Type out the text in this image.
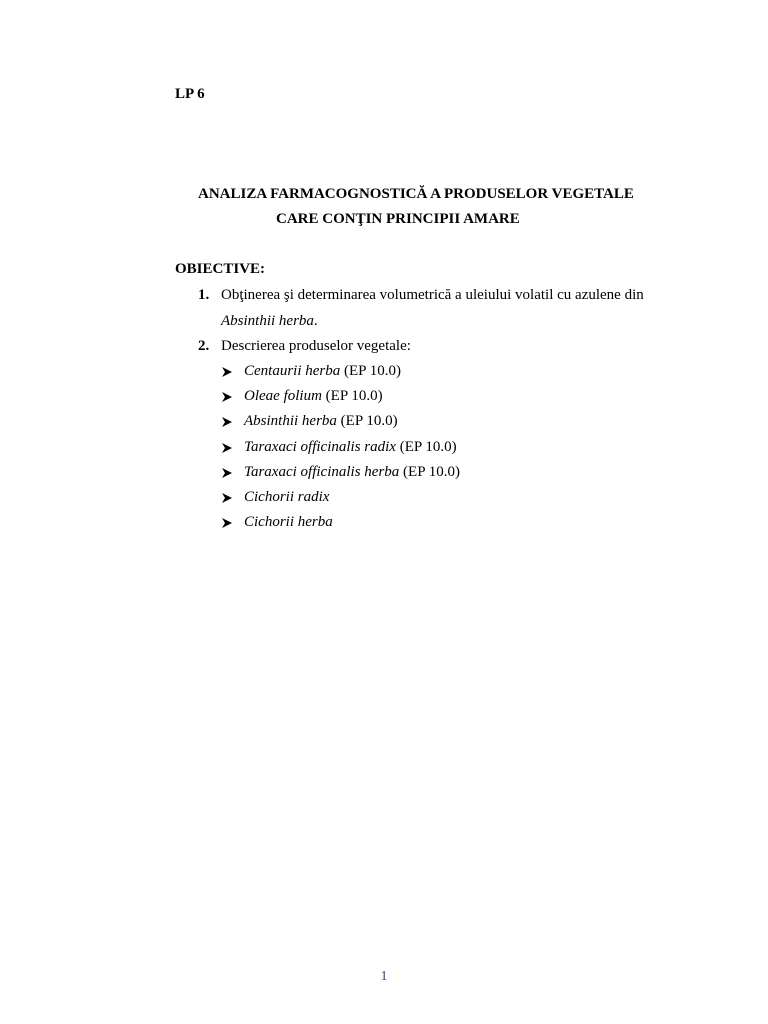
LP 6
ANALIZA FARMACOGNOSTICĂ A PRODUSELOR VEGETALE
CARE CONŢIN PRINCIPII AMARE
OBIECTIVE:
1. Obţinerea şi determinarea volumetrică a uleiului volatil cu azulene din
Absinthii herba.
2. Descrierea produselor vegetale:
Centaurii herba (EP 10.0)
Oleae folium (EP 10.0)
Absinthii herba (EP 10.0)
Taraxaci officinalis radix (EP 10.0)
Taraxaci officinalis herba (EP 10.0)
Cichorii radix
Cichorii herba
1
